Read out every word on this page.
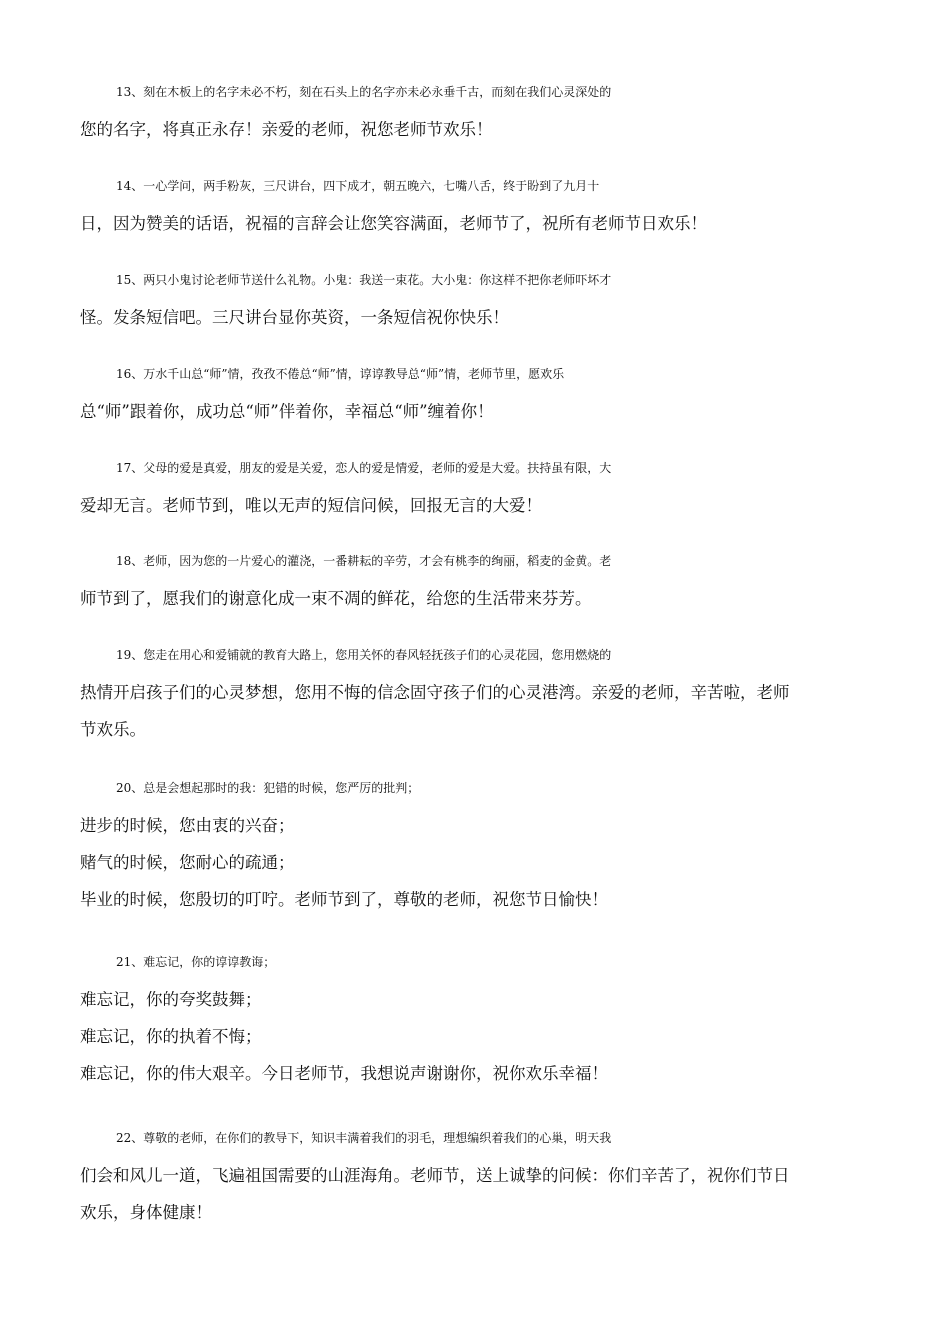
13、刻在木板上的名字未必不朽，刻在石头上的名字亦未必永垂千古，而刻在我们心灵深处的
您的名字，将真正永存！亲爱的老师，祝您老师节欢乐！
14、一心学问，两手粉灰，三尺讲台，四下成才，朝五晚六，七嘴八舌，终于盼到了九月十
日，因为赞美的话语，祝福的言辞会让您笑容满面，老师节了，祝所有老师节日欢乐！
15、两只小鬼讨论老师节送什么礼物。小鬼：我送一束花。大小鬼：你这样不把你老师吓坏才
怪。发条短信吧。三尺讲台显你英资，一条短信祝你快乐！
16、万水千山总“师”情，孜孜不倦总“师”情，谆谆教导总“师”情，老师节里，愿欢乐
总“师”跟着你，成功总“师”伴着你，幸福总“师”缠着你！
17、父母的爱是真爱，朋友的爱是关爱，恋人的爱是情爱，老师的爱是大爱。扶持虽有限，大
爱却无言。老师节到，唯以无声的短信问候，回报无言的大爱！
18、老师，因为您的一片爱心的灌浇，一番耕耘的辛劳，才会有桃李的绚丽，稻麦的金黄。老
师节到了，愿我们的谢意化成一束不凋的鲜花，给您的生活带来芬芳。
19、您走在用心和爱铺就的教育大路上，您用关怀的春风轻抚孩子们的心灵花园，您用燃烧的
热情开启孩子们的心灵梦想，您用不悔的信念固守孩子们的心灵港湾。亲爱的老师，辛苦啦，老师
节欢乐。
20、总是会想起那时的我：犯错的时候，您严厉的批判；
进步的时候，您由衷的兴奋；
赌气的时候，您耐心的疏通；
毕业的时候，您殷切的叮咛。老师节到了，尊敬的老师，祝您节日愉快！
21、难忘记，你的谆谆教诲；
难忘记，你的夸奖鼓舞；
难忘记，你的执着不悔；
难忘记，你的伟大艰辛。今日老师节，我想说声谢谢你，祝你欢乐幸福！
22、尊敬的老师，在你们的教导下，知识丰满着我们的羽毛，理想编织着我们的心巢，明天我
们会和风儿一道，飞遍祖国需要的山涯海角。老师节，送上诚挚的问候：你们辛苦了，祝你们节日
欢乐，身体健康！
